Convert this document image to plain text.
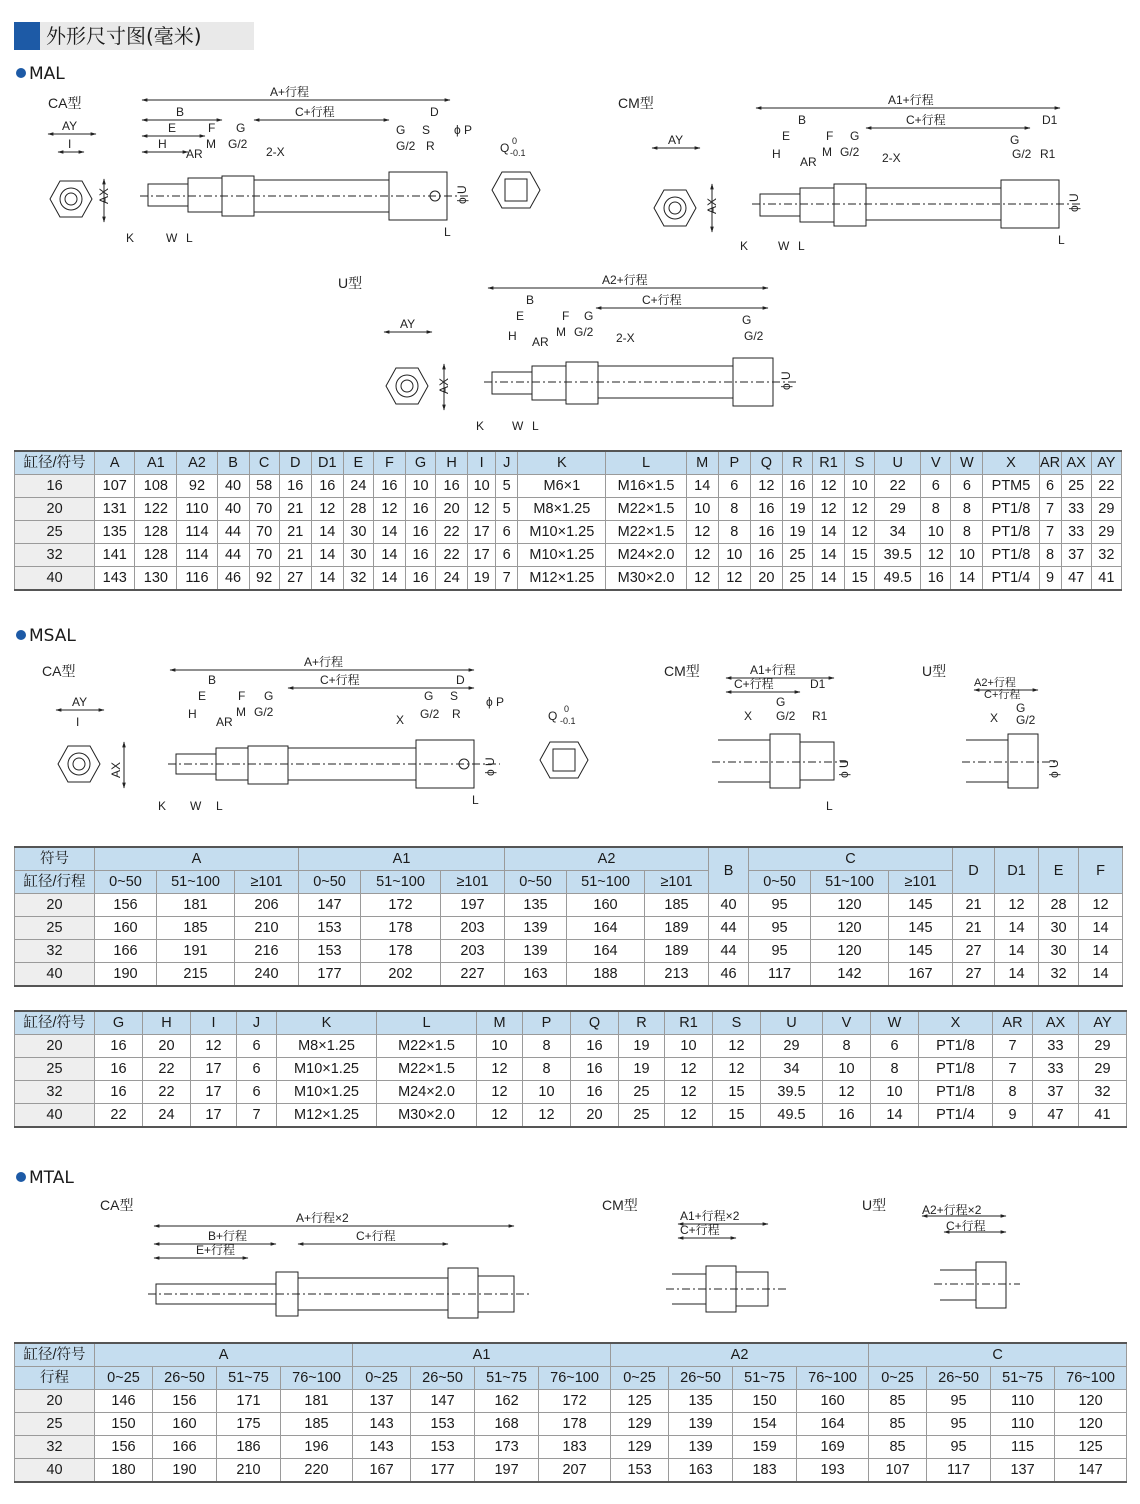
外形尺寸图(毫米)
MAL
CA型
AY
I
AX
A+行程
C+行程
B	D
E	F G
H	M G/2
AR	2-X
G S
G/2 R
ϕ P
ϕ U
K	W L	L
Q 0
-0.1
CM型
AY
AX
A1+行程
C+行程
B	D1
E	F G
H	M G/2
AR	2-X
G
G/2 R1
ϕ U
K W L	L
U型
AY
AX
A2+行程
C+行程
B
E	F G
H	M G/2
AR	2-X
G
G/2
ϕ U
K W L
缸径/符号	A	A1	A2	B	C	D	D1	E	F	G	H	I	J	K	L	M	P	Q	R	R1	S	U	V	W	X	AR	AX	AY
16	107	108	92	40	58	16	16	24	16	10	16	10	5	M6×1	M16×1.5	14	6	12	16	12	10	22	6	6	PTM5	6	25	22
20	131	122	110	40	70	21	12	28	12	16	20	12	5	M8×1.25	M22×1.5	10	8	16	19	12	12	29	8	8	PT1/8	7	33	29
25	135	128	114	44	70	21	14	30	14	16	22	17	6	M10×1.25	M22×1.5	12	8	16	19	14	12	34	10	8	PT1/8	7	33	29
32	141	128	114	44	70	21	14	30	14	16	22	17	6	M10×1.25	M24×2.0	12	10	16	25	14	15	39.5	12	10	PT1/8	8	37	32
40	143	130	116	46	92	27	14	32	14	16	24	19	7	M12×1.25	M30×2.0	12	12	20	25	14	15	49.5	16	14	PT1/4	9	47	41
MSAL
CA型
AY
I
AX
A+行程
C+行程
B	D
E	F G
H	M G/2
AR	X
G S
G/2 R
ϕ P
ϕ U
K W L	L
Q 0
-0.1
CM型	A1+行程
C+行程	D1
G
G/2 R1
X
ϕ U
L
U型
A2+行程
C+行程
G
G/2
X
ϕ U
符号	A			A1			A2			B	C			D	D1	E	F
缸径/行程	0~50	51~100	≥101	0~50	51~100	≥101	0~50	51~100	≥101		0~50	51~100	≥101				
20	156	181	206	147	172	197	135	160	185	40	95	120	145	21	12	28	12
25	160	185	210	153	178	203	139	164	189	44	95	120	145	21	14	30	14
32	166	191	216	153	178	203	139	164	189	44	95	120	145	27	14	30	14
40	190	215	240	177	202	227	163	188	213	46	117	142	167	27	14	32	14
缸径/符号	G	H	I	J	K	L	M	P	Q	R	R1	S	U	V	W	X	AR	AX	AY
20	16	20	12	6	M8×1.25	M22×1.5	10	8	16	19	10	12	29	8	6	PT1/8	7	33	29
25	16	22	17	6	M10×1.25	M22×1.5	12	8	16	19	12	12	34	10	8	PT1/8	7	33	29
32	16	22	17	6	M10×1.25	M24×2.0	12	10	16	25	12	15	39.5	12	10	PT1/8	8	37	32
40	22	24	17	7	M12×1.25	M30×2.0	12	12	20	25	12	15	49.5	16	14	PT1/4	9	47	41
MTAL
CA型
A+行程×2
C+行程
B+行程
E+行程
CM型
A1+行程×2
C+行程
U型	A2+行程×2
C+行程
缸径/符号	A				A1				A2				C			
行程	0~25	26~50	51~75	76~100	0~25	26~50	51~75	76~100	0~25	26~50	51~75	76~100	0~25	26~50	51~75	76~100
20	146	156	171	181	137	147	162	172	125	135	150	160	85	95	110	120
25	150	160	175	185	143	153	168	178	129	139	154	164	85	95	110	120
32	156	166	186	196	143	153	173	183	129	139	159	169	85	95	115	125
40	180	190	210	220	167	177	197	207	153	163	183	193	107	117	137	147
